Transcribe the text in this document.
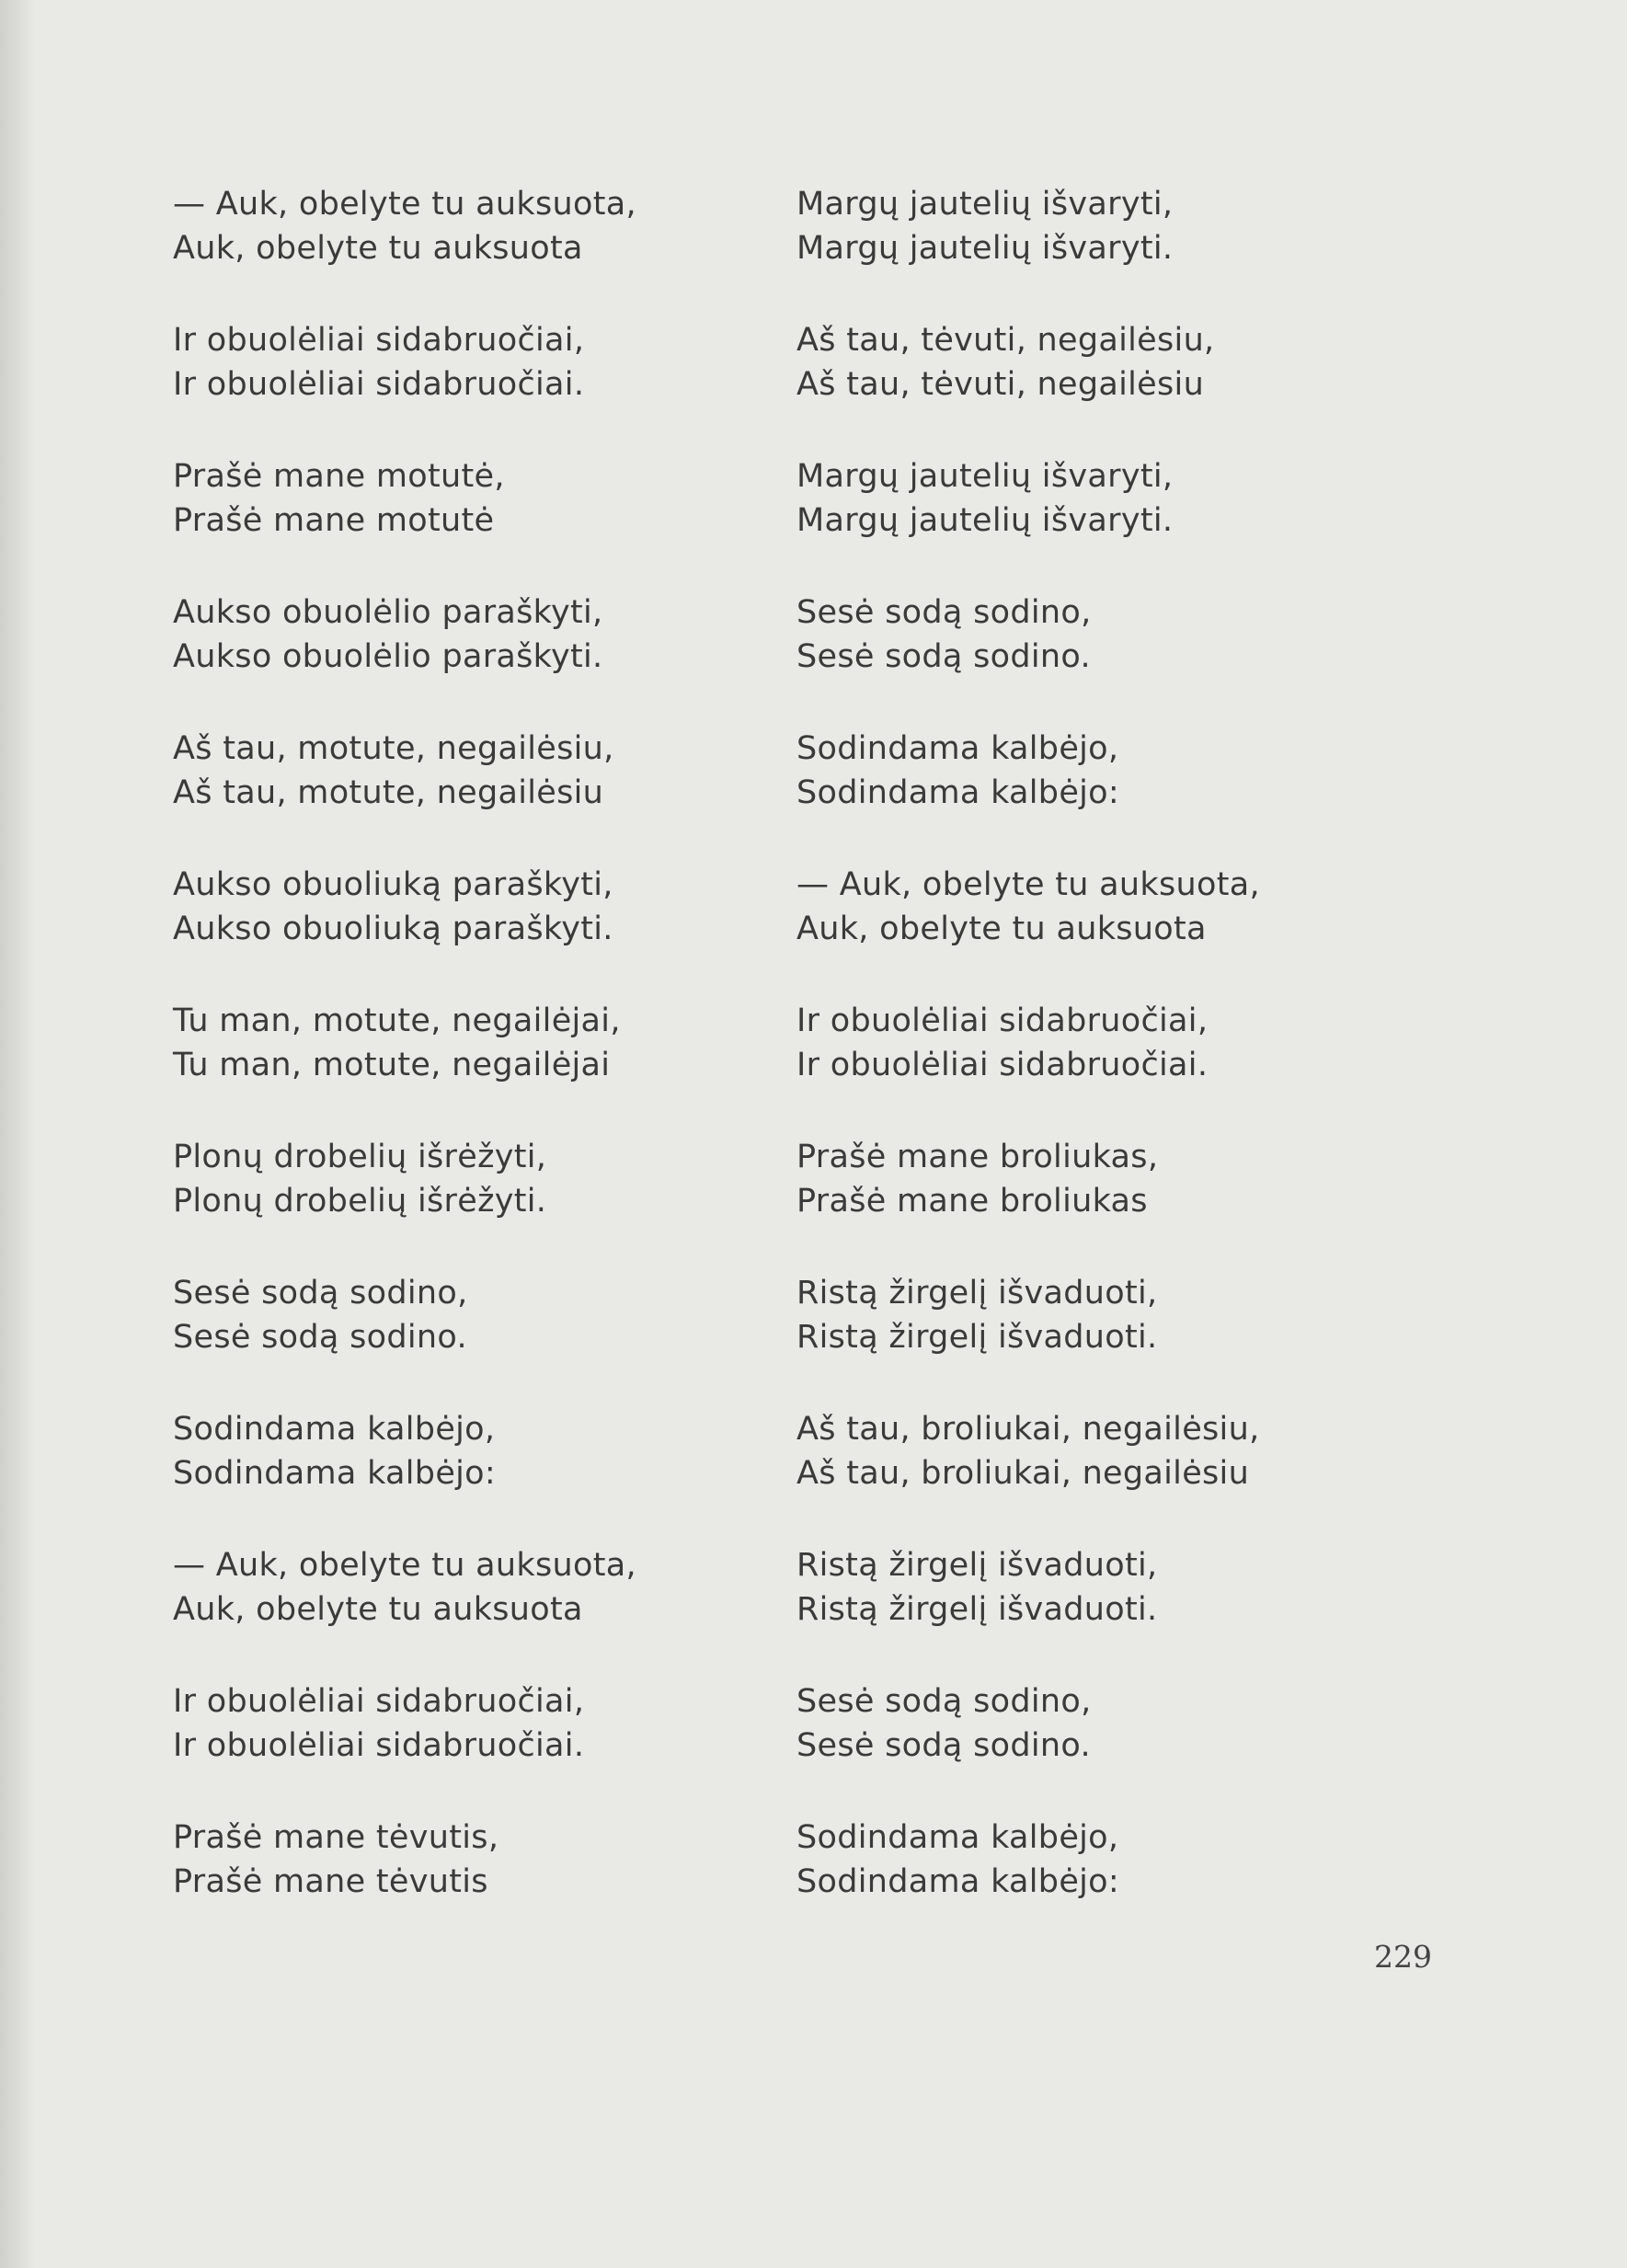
— Auk, obelyte tu auksuota,
Auk, obelyte tu auksuota
Ir obuolėliai sidabruočiai,
Ir obuolėliai sidabruočiai.
Prašė mane motutė,
Prašė mane motutė
Aukso obuolėlio paraškyti,
Aukso obuolėlio paraškyti.
Aš tau, motute, negailėsiu,
Aš tau, motute, negailėsiu
Aukso obuoliuką paraškyti,
Aukso obuoliuką paraškyti.
Tu man, motute, negailėjai,
Tu man, motute, negailėjai
Plonų drobelių išrėžyti,
Plonų drobelių išrėžyti.
Sesė sodą sodino,
Sesė sodą sodino.
Sodindama kalbėjo,
Sodindama kalbėjo:
— Auk, obelyte tu auksuota,
Auk, obelyte tu auksuota
Ir obuolėliai sidabruočiai,
Ir obuolėliai sidabruočiai.
Prašė mane tėvutis,
Prašė mane tėvutis
Margų jautelių išvaryti,
Margų jautelių išvaryti.
Aš tau, tėvuti, negailėsiu,
Aš tau, tėvuti, negailėsiu
Margų jautelių išvaryti,
Margų jautelių išvaryti.
Sesė sodą sodino,
Sesė sodą sodino.
Sodindama kalbėjo,
Sodindama kalbėjo:
— Auk, obelyte tu auksuota,
Auk, obelyte tu auksuota
Ir obuolėliai sidabruočiai,
Ir obuolėliai sidabruočiai.
Prašė mane broliukas,
Prašė mane broliukas
Ristą žirgelį išvaduoti,
Ristą žirgelį išvaduoti.
Aš tau, broliukai, negailėsiu,
Aš tau, broliukai, negailėsiu
Ristą žirgelį išvaduoti,
Ristą žirgelį išvaduoti.
Sesė sodą sodino,
Sesė sodą sodino.
Sodindama kalbėjo,
Sodindama kalbėjo:
229
